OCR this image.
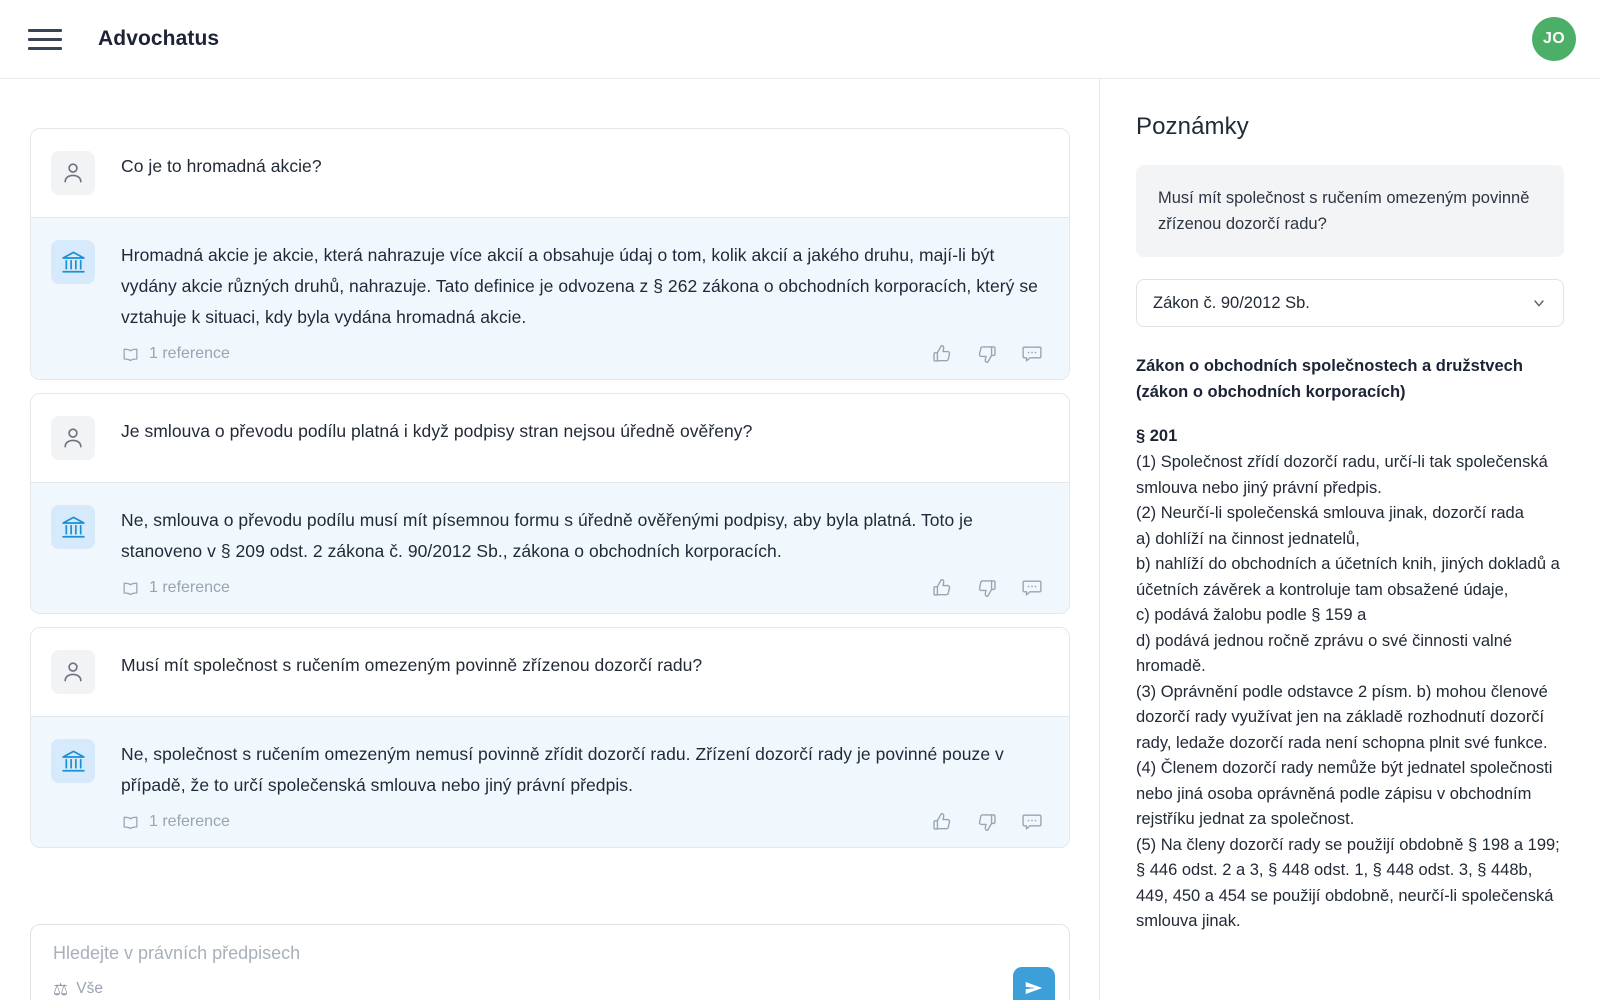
Advochatus	JO
Co je to hromadná akcie?
Hromadná akcie je akcie, která nahrazuje více akcií a obsahuje údaj o tom, kolik akcií a jakého druhu, mají-li být vydány akcie různých druhů, nahrazuje. Tato definice je odvozena z § 262 zákona o obchodních korporacích, který se vztahuje k situaci, kdy byla vydána hromadná akcie.
1 reference
Je smlouva o převodu podílu platná i když podpisy stran nejsou úředně ověřeny?
Ne, smlouva o převodu podílu musí mít písemnou formu s úředně ověřenými podpisy, aby byla platná. Toto je stanoveno v § 209 odst. 2 zákona č. 90/2012 Sb., zákona o obchodních korporacích.
1 reference
Musí mít společnost s ručením omezeným povinně zřízenou dozorčí radu?
Ne, společnost s ručením omezeným nemusí povinně zřídit dozorčí radu. Zřízení dozorčí rady je povinné pouze v případě, že to určí společenská smlouva nebo jiný právní předpis.
1 reference
Hledejte v právních předpisech
⚖ Vše
Poznámky
Musí mít společnost s ručením omezeným povinně zřízenou dozorčí radu?
Zákon č. 90/2012 Sb.
Zákon o obchodních společnostech a družstvech (zákon o obchodních korporacích)
§ 201

(1) Společnost zřídí dozorčí radu, určí-li tak společenská smlouva nebo jiný právní předpis.

(2) Neurčí-li společenská smlouva jinak, dozorčí rada

a) dohlíží na činnost jednatelů,

b) nahlíží do obchodních a účetních knih, jiných dokladů a účetních závěrek a kontroluje tam obsažené údaje,

c) podává žalobu podle § 159 a

d) podává jednou ročně zprávu o své činnosti valné hromadě.

(3) Oprávnění podle odstavce 2 písm. b) mohou členové dozorčí rady využívat jen na základě rozhodnutí dozorčí rady, ledaže dozorčí rada není schopna plnit své funkce.

(4) Členem dozorčí rady nemůže být jednatel společnosti nebo jiná osoba oprávněná podle zápisu v obchodním rejstříku jednat za společnost.

(5) Na členy dozorčí rady se použijí obdobně § 198 a 199; § 446 odst. 2 a 3, § 448 odst. 1, § 448 odst. 3, § 448b, 449, 450 a 454 se použijí obdobně, neurčí-li společenská smlouva jinak.
